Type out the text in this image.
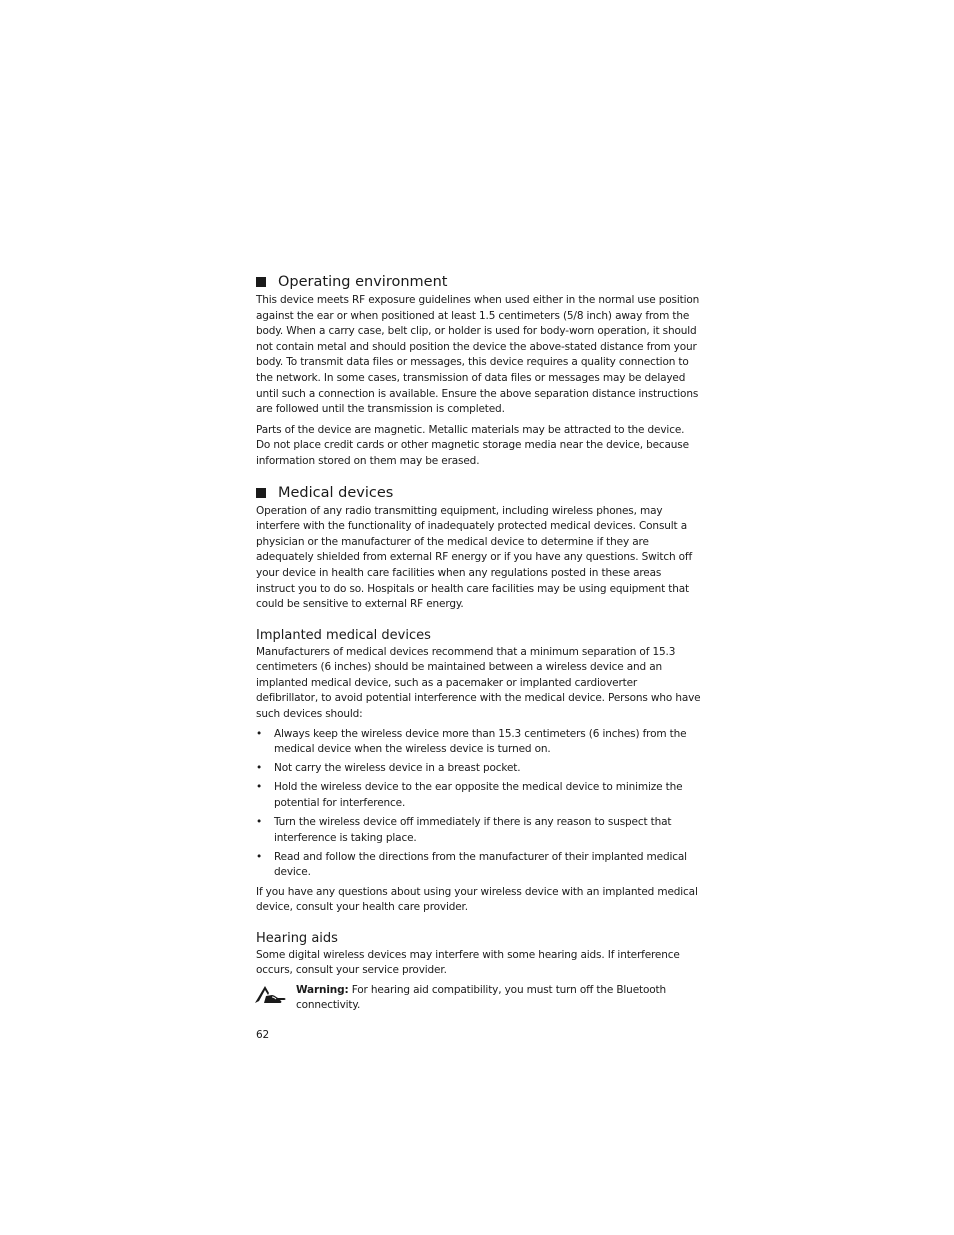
Operating environment

This device meets RF exposure guidelines when used either in the normal use position against the ear or when positioned at least 1.5 centimeters (5/8 inch) away from the body. When a carry case, belt clip, or holder is used for body-worn operation, it should not contain metal and should position the device the above-stated distance from your body. To transmit data files or messages, this device requires a quality connection to the network. In some cases, transmission of data files or messages may be delayed until such a connection is available. Ensure the above separation distance instructions are followed until the transmission is completed.

Parts of the device are magnetic. Metallic materials may be attracted to the device. Do not place credit cards or other magnetic storage media near the device, because information stored on them may be erased.

Medical devices

Operation of any radio transmitting equipment, including wireless phones, may interfere with the functionality of inadequately protected medical devices. Consult a physician or the manufacturer of the medical device to determine if they are adequately shielded from external RF energy or if you have any questions. Switch off your device in health care facilities when any regulations posted in these areas instruct you to do so. Hospitals or health care facilities may be using equipment that could be sensitive to external RF energy.

Implanted medical devices

Manufacturers of medical devices recommend that a minimum separation of 15.3 centimeters (6 inches) should be maintained between a wireless device and an implanted medical device, such as a pacemaker or implanted cardioverter defibrillator, to avoid potential interference with the medical device. Persons who have such devices should:

• Always keep the wireless device more than 15.3 centimeters (6 inches) from the medical device when the wireless device is turned on.
• Not carry the wireless device in a breast pocket.
• Hold the wireless device to the ear opposite the medical device to minimize the potential for interference.
• Turn the wireless device off immediately if there is any reason to suspect that interference is taking place.
• Read and follow the directions from the manufacturer of their implanted medical device.

If you have any questions about using your wireless device with an implanted medical device, consult your health care provider.

Hearing aids

Some digital wireless devices may interfere with some hearing aids. If interference occurs, consult your service provider.

Warning: For hearing aid compatibility, you must turn off the Bluetooth connectivity.

62
